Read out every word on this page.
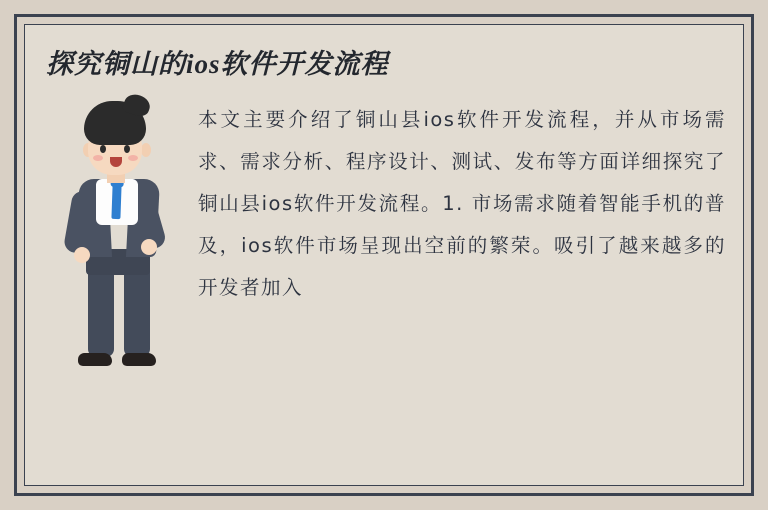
探究铜山的ios软件开发流程
本文主要介绍了铜山县ios软件开发流程，并从市场需求、需求分析、程序设计、测试、发布等方面详细探究了铜山县ios软件开发流程。1. 市场需求随着智能手机的普及，ios软件市场呈现出空前的繁荣。吸引了越来越多的开发者加入
